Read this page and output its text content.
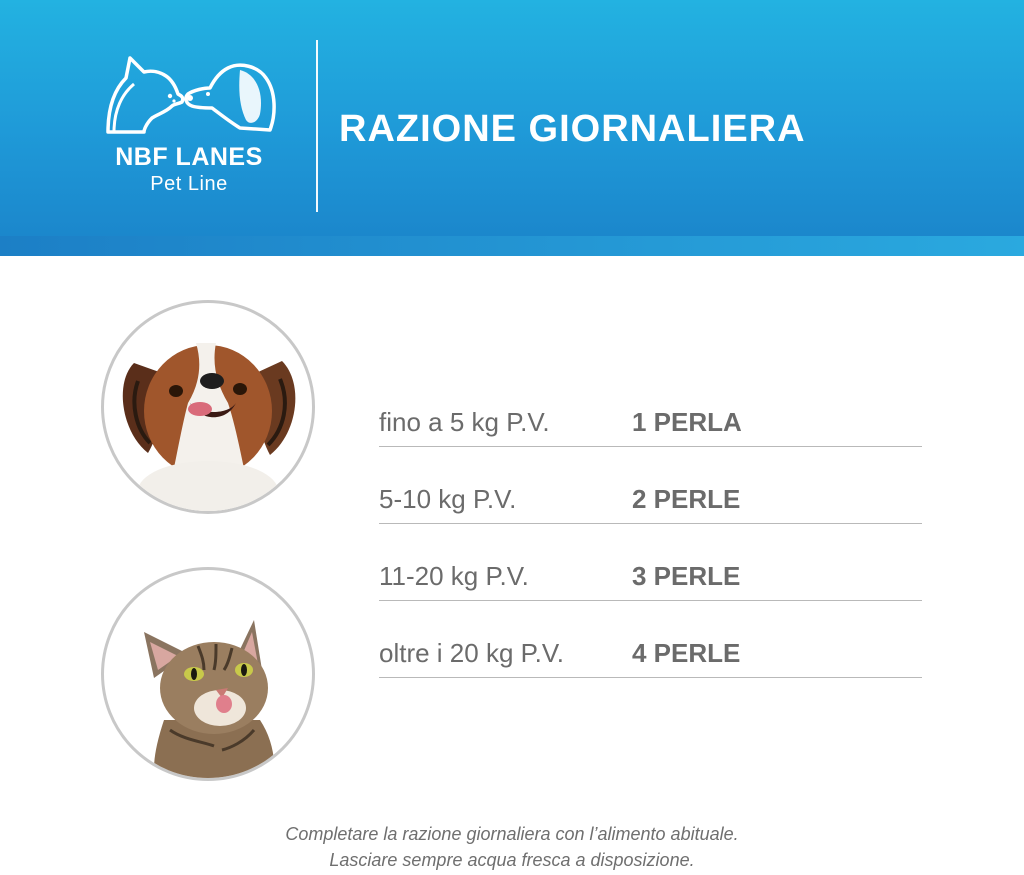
NBF LANES
Pet Line
RAZIONE GIORNALIERA
fino a 5 kg P.V.	1 PERLA
5-10 kg P.V.	2 PERLE
11-20 kg P.V.	3 PERLE
oltre i 20 kg P.V.	4 PERLE
Completare la razione giornaliera con l’alimento abituale.
Lasciare sempre acqua fresca a disposizione.
